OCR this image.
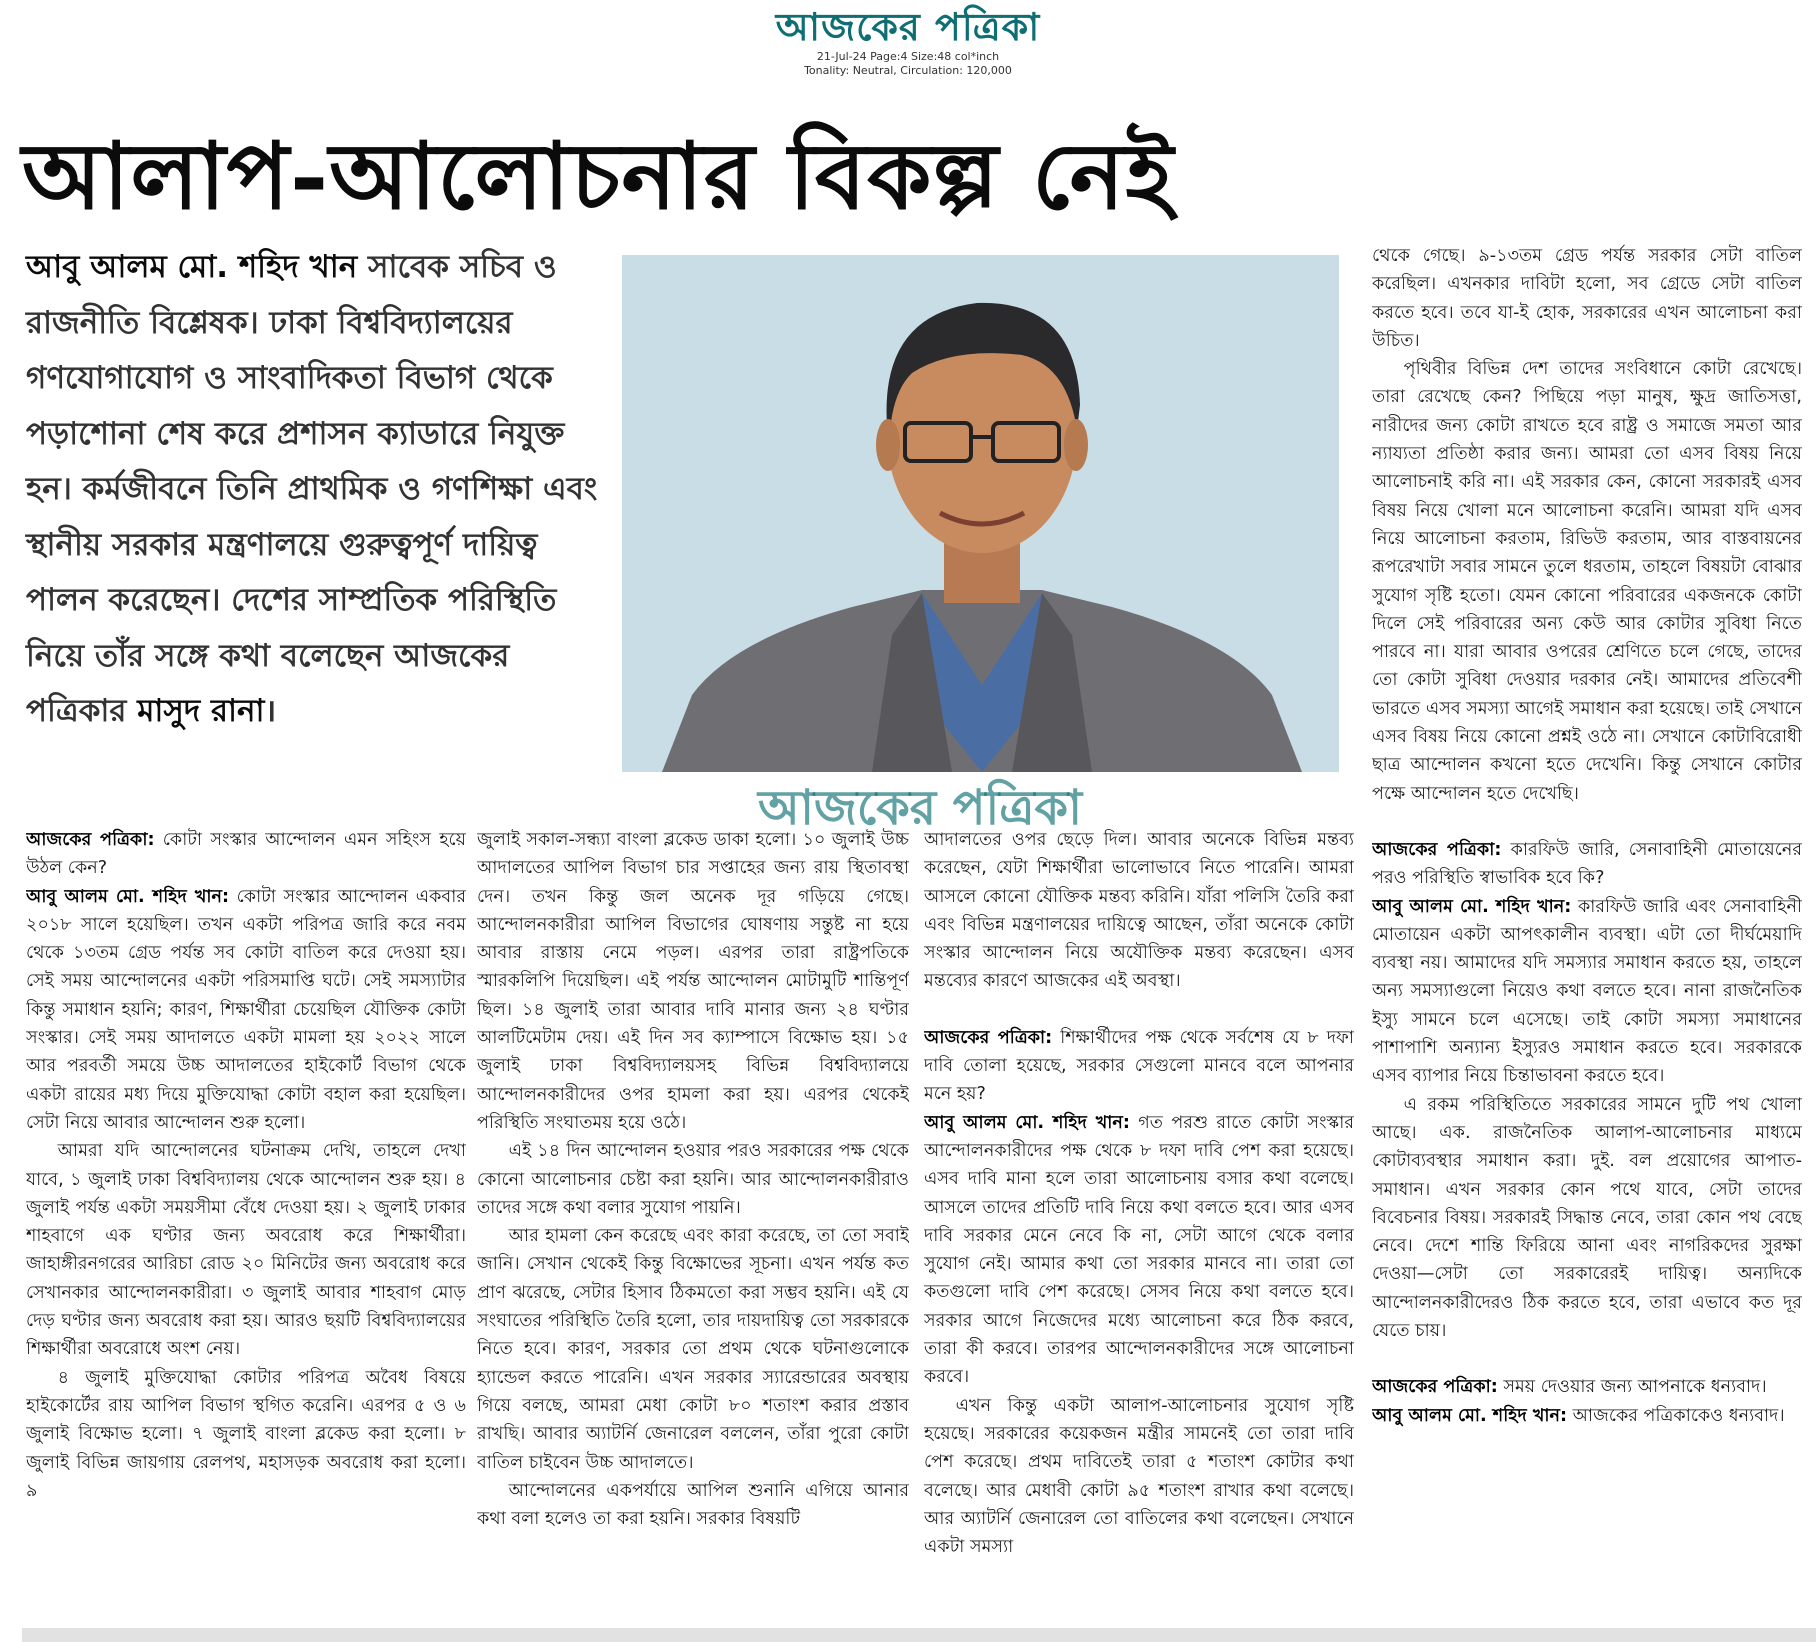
আজকের পত্রিকা
21-Jul-24 Page:4 Size:48 col*inch
Tonality: Neutral, Circulation: 120,000
আলাপ-আলোচনার বিকল্প নেই
আবু আলম মো. শহিদ খান সাবেক সচিব ও রাজনীতি বিশ্লেষক। ঢাকা বিশ্ববিদ্যালয়ের গণযোগাযোগ ও সাংবাদিকতা বিভাগ থেকে পড়াশোনা শেষ করে প্রশাসন ক্যাডারে নিযুক্ত হন। কর্মজীবনে তিনি প্রাথমিক ও গণশিক্ষা এবং স্থানীয় সরকার মন্ত্রণালয়ে গুরুত্বপূর্ণ দায়িত্ব পালন করেছেন। দেশের সাম্প্রতিক পরিস্থিতি নিয়ে তাঁর সঙ্গে কথা বলেছেন আজকের পত্রিকার মাসুদ রানা।
আজকের পত্রিকা

আজকের পত্রিকা: কোটা সংস্কার আন্দোলন এমন সহিংস হয়ে উঠল কেন?

আবু আলম মো. শহিদ খান: কোটা সংস্কার আন্দোলন একবার ২০১৮ সালে হয়েছিল। তখন একটা পরিপত্র জারি করে নবম থেকে ১৩তম গ্রেড পর্যন্ত সব কোটা বাতিল করে দেওয়া হয়। সেই সময় আন্দোলনের একটা পরিসমাপ্তি ঘটে। সেই সমস্যাটার কিন্তু সমাধান হয়নি; কারণ, শিক্ষার্থীরা চেয়েছিল যৌক্তিক কোটা সংস্কার। সেই সময় আদালতে একটা মামলা হয় ২০২২ সালে আর পরবর্তী সময়ে উচ্চ আদালতের হাইকোর্ট বিভাগ থেকে একটা রায়ের মধ্য দিয়ে মুক্তিযোদ্ধা কোটা বহাল করা হয়েছিল। সেটা নিয়ে আবার আন্দোলন শুরু হলো।

আমরা যদি আন্দোলনের ঘটনাক্রম দেখি, তাহলে দেখা যাবে, ১ জুলাই ঢাকা বিশ্ববিদ্যালয় থেকে আন্দোলন শুরু হয়। ৪ জুলাই পর্যন্ত একটা সময়সীমা বেঁধে দেওয়া হয়। ২ জুলাই ঢাকার শাহবাগে এক ঘণ্টার জন্য অবরোধ করে শিক্ষার্থীরা। জাহাঙ্গীরনগরের আরিচা রোড ২০ মিনিটের জন্য অবরোধ করে সেখানকার আন্দোলনকারীরা। ৩ জুলাই আবার শাহবাগ মোড় দেড় ঘণ্টার জন্য অবরোধ করা হয়। আরও ছয়টি বিশ্ববিদ্যালয়ের শিক্ষার্থীরা অবরোধে অংশ নেয়।

৪ জুলাই মুক্তিযোদ্ধা কোটার পরিপত্র অবৈধ বিষয়ে হাইকোর্টের রায় আপিল বিভাগ স্থগিত করেনি। এরপর ৫ ও ৬ জুলাই বিক্ষোভ হলো। ৭ জুলাই বাংলা ব্লকেড করা হলো। ৮ জুলাই বিভিন্ন জায়গায় রেলপথ, মহাসড়ক অবরোধ করা হলো। ৯

জুলাই সকাল-সন্ধ্যা বাংলা ব্লকেড ডাকা হলো। ১০ জুলাই উচ্চ আদালতের আপিল বিভাগ চার সপ্তাহের জন্য রায় স্থিতাবস্থা দেন। তখন কিন্তু জল অনেক দূর গড়িয়ে গেছে। আন্দোলনকারীরা আপিল বিভাগের ঘোষণায় সন্তুষ্ট না হয়ে আবার রাস্তায় নেমে পড়ল। এরপর তারা রাষ্ট্রপতিকে স্মারকলিপি দিয়েছিল। এই পর্যন্ত আন্দোলন মোটামুটি শান্তিপূর্ণ ছিল। ১৪ জুলাই তারা আবার দাবি মানার জন্য ২৪ ঘণ্টার আলটিমেটাম দেয়। এই দিন সব ক্যাম্পাসে বিক্ষোভ হয়। ১৫ জুলাই ঢাকা বিশ্ববিদ্যালয়সহ বিভিন্ন বিশ্ববিদ্যালয়ে আন্দোলনকারীদের ওপর হামলা করা হয়। এরপর থেকেই পরিস্থিতি সংঘাতময় হয়ে ওঠে।

এই ১৪ দিন আন্দোলন হওয়ার পরও সরকারের পক্ষ থেকে কোনো আলোচনার চেষ্টা করা হয়নি। আর আন্দোলনকারীরাও তাদের সঙ্গে কথা বলার সুযোগ পায়নি।

আর হামলা কেন করেছে এবং কারা করেছে, তা তো সবাই জানি। সেখান থেকেই কিন্তু বিক্ষোভের সূচনা। এখন পর্যন্ত কত প্রাণ ঝরেছে, সেটার হিসাব ঠিকমতো করা সম্ভব হয়নি। এই যে সংঘাতের পরিস্থিতি তৈরি হলো, তার দায়দায়িত্ব তো সরকারকে নিতে হবে। কারণ, সরকার তো প্রথম থেকে ঘটনাগুলোকে হ্যান্ডেল করতে পারেনি। এখন সরকার স্যারেন্ডারের অবস্থায় গিয়ে বলছে, আমরা মেধা কোটা ৮০ শতাংশ করার প্রস্তাব রাখছি। আবার অ্যাটর্নি জেনারেল বললেন, তাঁরা পুরো কোটা বাতিল চাইবেন উচ্চ আদালতে।

আন্দোলনের একপর্যায়ে আপিল শুনানি এগিয়ে আনার কথা বলা হলেও তা করা হয়নি। সরকার বিষয়টি

আদালতের ওপর ছেড়ে দিল। আবার অনেকে বিভিন্ন মন্তব্য করেছেন, যেটা শিক্ষার্থীরা ভালোভাবে নিতে পারেনি। আমরা আসলে কোনো যৌক্তিক মন্তব্য করিনি। যাঁরা পলিসি তৈরি করা এবং বিভিন্ন মন্ত্রণালয়ের দায়িত্বে আছেন, তাঁরা অনেকে কোটা সংস্কার আন্দোলন নিয়ে অযৌক্তিক মন্তব্য করেছেন। এসব মন্তব্যের কারণে আজকের এই অবস্থা।

আজকের পত্রিকা: শিক্ষার্থীদের পক্ষ থেকে সর্বশেষ যে ৮ দফা দাবি তোলা হয়েছে, সরকার সেগুলো মানবে বলে আপনার মনে হয়?

আবু আলম মো. শহিদ খান: গত পরশু রাতে কোটা সংস্কার আন্দোলনকারীদের পক্ষ থেকে ৮ দফা দাবি পেশ করা হয়েছে। এসব দাবি মানা হলে তারা আলোচনায় বসার কথা বলেছে। আসলে তাদের প্রতিটি দাবি নিয়ে কথা বলতে হবে। আর এসব দাবি সরকার মেনে নেবে কি না, সেটা আগে থেকে বলার সুযোগ নেই। আমার কথা তো সরকার মানবে না। তারা তো কতগুলো দাবি পেশ করেছে। সেসব নিয়ে কথা বলতে হবে। সরকার আগে নিজেদের মধ্যে আলোচনা করে ঠিক করবে, তারা কী করবে। তারপর আন্দোলনকারীদের সঙ্গে আলোচনা করবে।

এখন কিন্তু একটা আলাপ-আলোচনার সুযোগ সৃষ্টি হয়েছে। সরকারের কয়েকজন মন্ত্রীর সামনেই তো তারা দাবি পেশ করেছে। প্রথম দাবিতেই তারা ৫ শতাংশ কোটার কথা বলেছে। আর মেধাবী কোটা ৯৫ শতাংশ রাখার কথা বলেছে। আর অ্যাটর্নি জেনারেল তো বাতিলের কথা বলেছেন। সেখানে একটা সমস্যা

থেকে গেছে। ৯-১৩তম গ্রেড পর্যন্ত সরকার সেটা বাতিল করেছিল। এখনকার দাবিটা হলো, সব গ্রেডে সেটা বাতিল করতে হবে। তবে যা-ই হোক, সরকারের এখন আলোচনা করা উচিত।

পৃথিবীর বিভিন্ন দেশ তাদের সংবিধানে কোটা রেখেছে। তারা রেখেছে কেন? পিছিয়ে পড়া মানুষ, ক্ষুদ্র জাতিসত্তা, নারীদের জন্য কোটা রাখতে হবে রাষ্ট্র ও সমাজে সমতা আর ন্যায্যতা প্রতিষ্ঠা করার জন্য। আমরা তো এসব বিষয় নিয়ে আলোচনাই করি না। এই সরকার কেন, কোনো সরকারই এসব বিষয় নিয়ে খোলা মনে আলোচনা করেনি। আমরা যদি এসব নিয়ে আলোচনা করতাম, রিভিউ করতাম, আর বাস্তবায়নের রূপরেখাটা সবার সামনে তুলে ধরতাম, তাহলে বিষয়টা বোঝার সুযোগ সৃষ্টি হতো। যেমন কোনো পরিবারের একজনকে কোটা দিলে সেই পরিবারের অন্য কেউ আর কোটার সুবিধা নিতে পারবে না। যারা আবার ওপরের শ্রেণিতে চলে গেছে, তাদের তো কোটা সুবিধা দেওয়ার দরকার নেই। আমাদের প্রতিবেশী ভারতে এসব সমস্যা আগেই সমাধান করা হয়েছে। তাই সেখানে এসব বিষয় নিয়ে কোনো প্রশ্নই ওঠে না। সেখানে কোটাবিরোধী ছাত্র আন্দোলন কখনো হতে দেখেনি। কিন্তু সেখানে কোটার পক্ষে আন্দোলন হতে দেখেছি।

আজকের পত্রিকা: কারফিউ জারি, সেনাবাহিনী মোতায়েনের পরও পরিস্থিতি স্বাভাবিক হবে কি?

আবু আলম মো. শহিদ খান: কারফিউ জারি এবং সেনাবাহিনী মোতায়েন একটা আপৎকালীন ব্যবস্থা। এটা তো দীর্ঘমেয়াদি ব্যবস্থা নয়। আমাদের যদি সমস্যার সমাধান করতে হয়, তাহলে অন্য সমস্যাগুলো নিয়েও কথা বলতে হবে। নানা রাজনৈতিক ইস্যু সামনে চলে এসেছে। তাই কোটা সমস্যা সমাধানের পাশাপাশি অন্যান্য ইস্যুরও সমাধান করতে হবে। সরকারকে এসব ব্যাপার নিয়ে চিন্তাভাবনা করতে হবে।

এ রকম পরিস্থিতিতে সরকারের সামনে দুটি পথ খোলা আছে। এক. রাজনৈতিক আলাপ-আলোচনার মাধ্যমে কোটাব্যবস্থার সমাধান করা। দুই. বল প্রয়োগের আপাত-সমাধান। এখন সরকার কোন পথে যাবে, সেটা তাদের বিবেচনার বিষয়। সরকারই সিদ্ধান্ত নেবে, তারা কোন পথ বেছে নেবে। দেশে শান্তি ফিরিয়ে আনা এবং নাগরিকদের সুরক্ষা দেওয়া—সেটা তো সরকারেরই দায়িত্ব। অন্যদিকে আন্দোলনকারীদেরও ঠিক করতে হবে, তারা এভাবে কত দূর যেতে চায়।

আজকের পত্রিকা: সময় দেওয়ার জন্য আপনাকে ধন্যবাদ।

আবু আলম মো. শহিদ খান: আজকের পত্রিকাকেও ধন্যবাদ।
